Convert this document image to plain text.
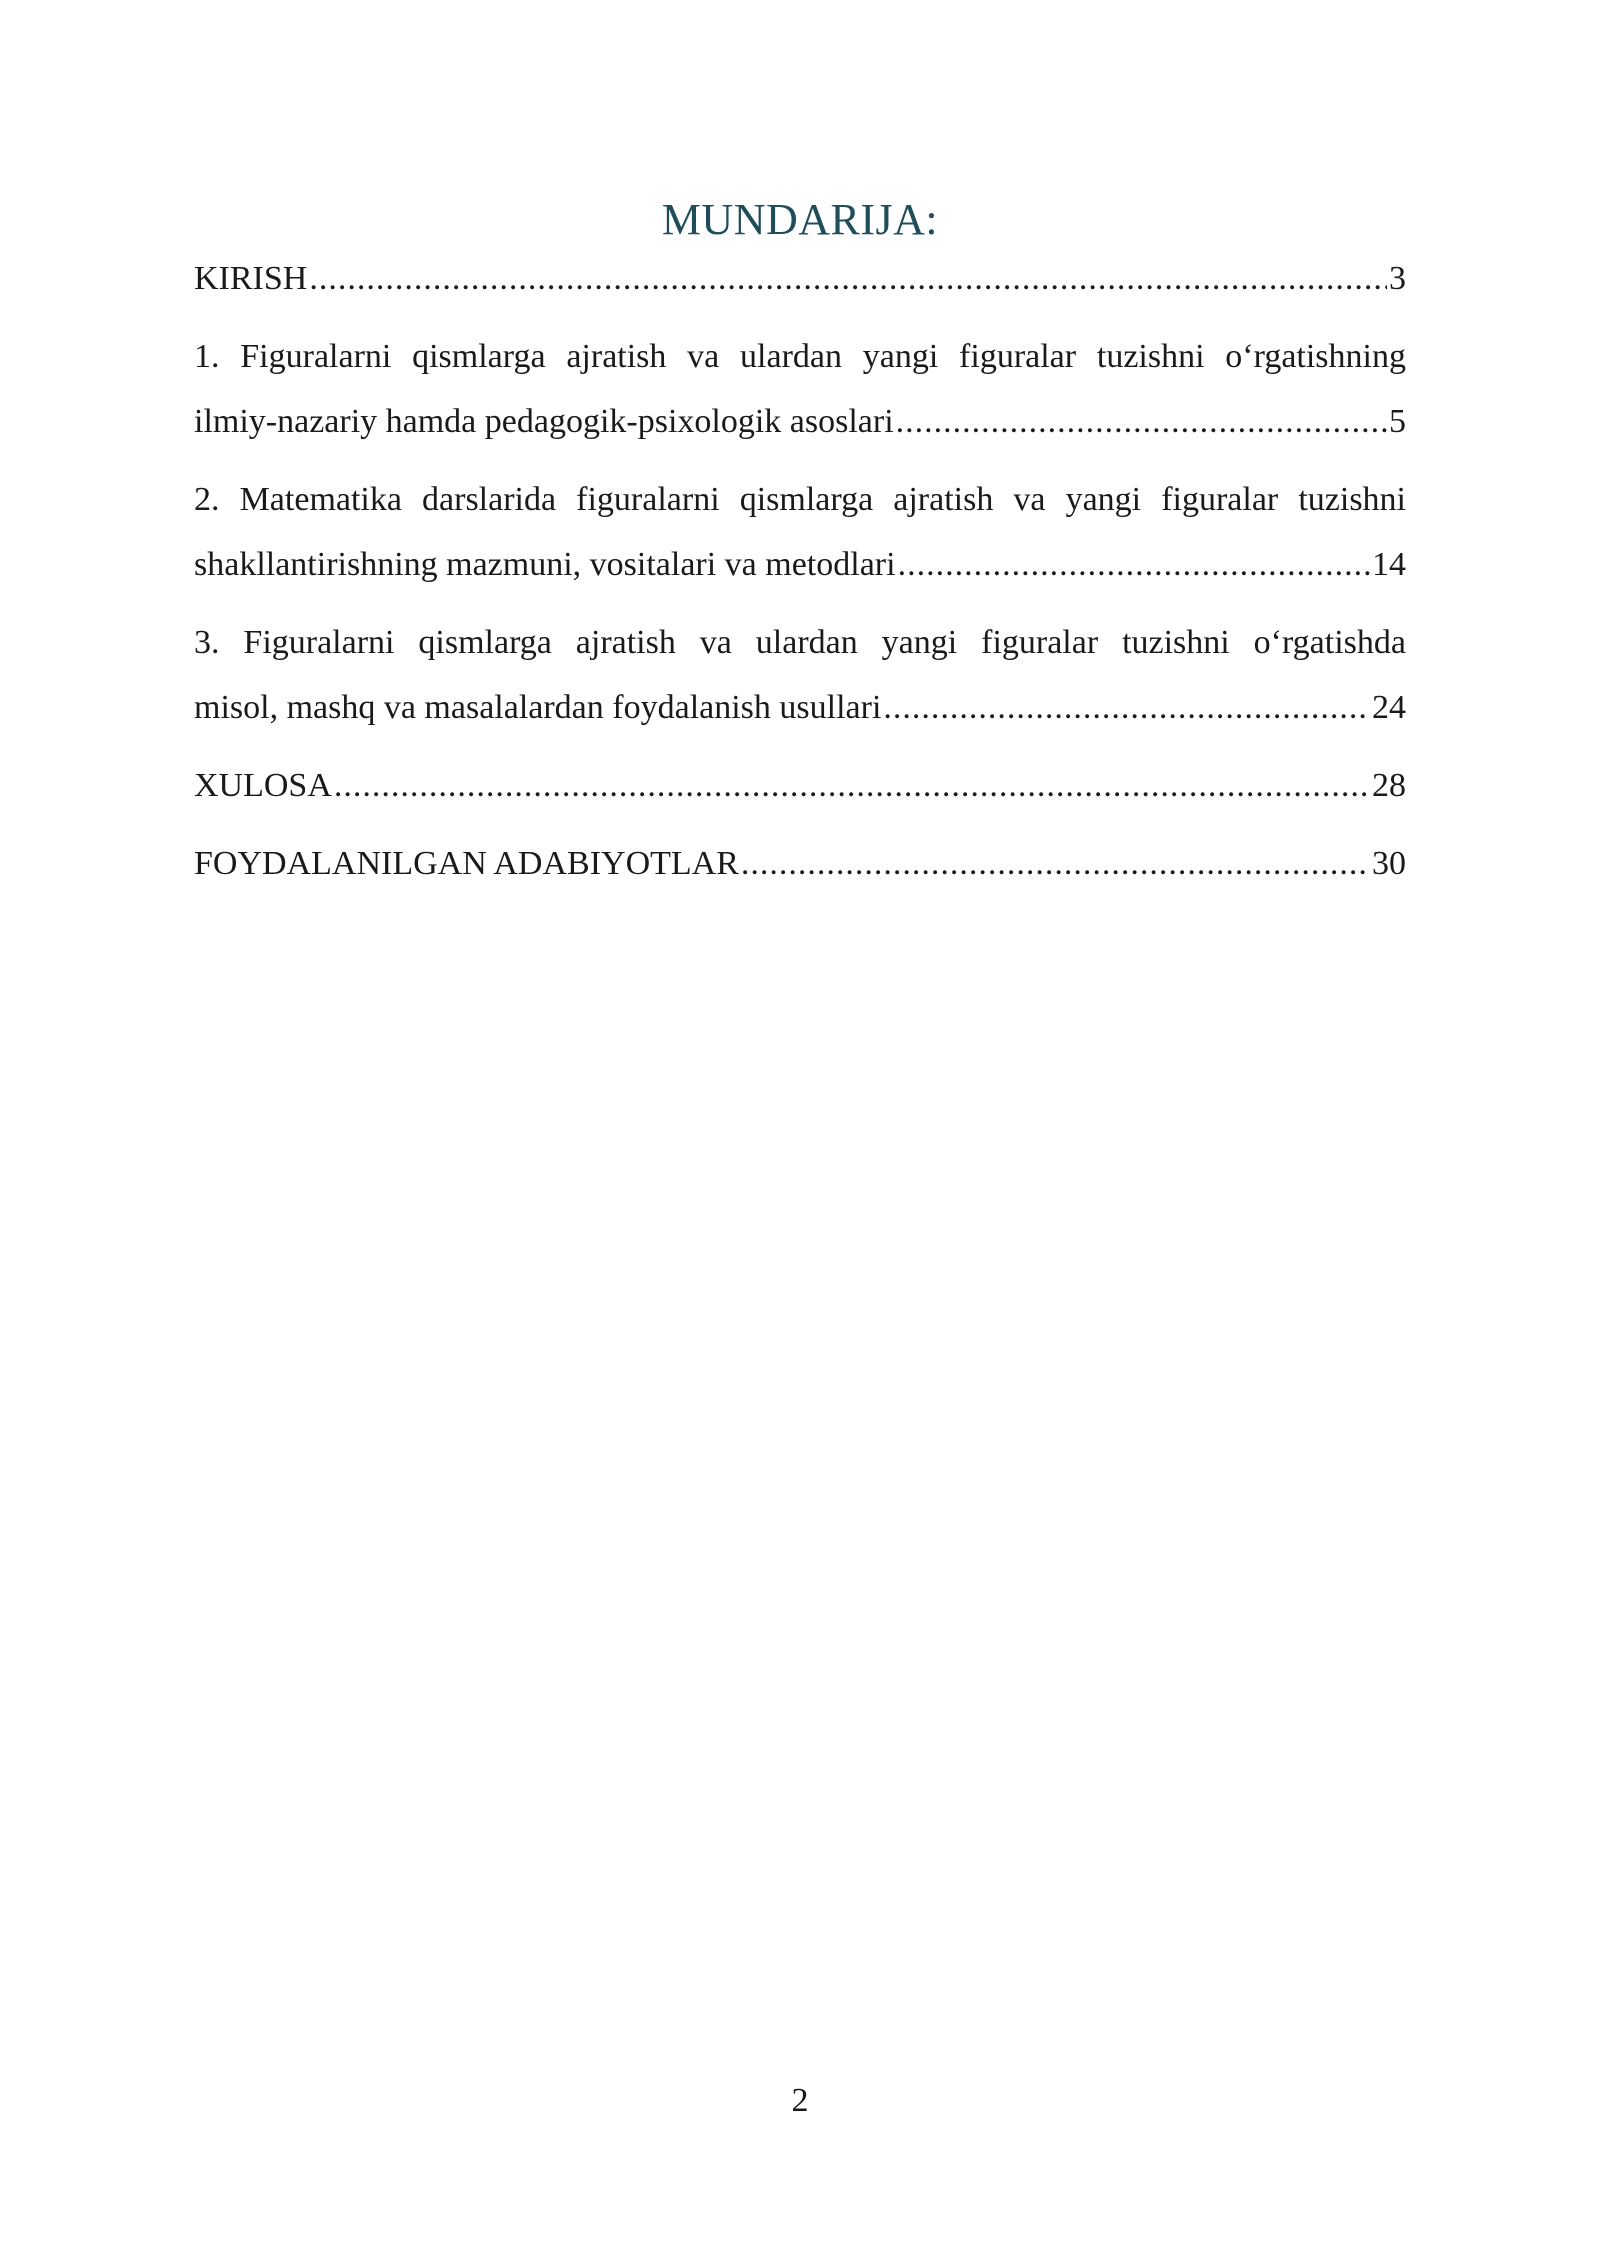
MUNDARIJA:
KIRISH .....	3
1. Figuralarni qismlarga ajratish va ulardan yangi figuralar tuzishni o‘rgatishning
ilmiy-nazariy hamda pedagogik-psixologik asoslari .....	5
2. Matematika darslarida figuralarni qismlarga ajratish va yangi figuralar tuzishni
shakllantirishning mazmuni, vositalari va metodlari .....	14
3. Figuralarni qismlarga ajratish va ulardan yangi figuralar tuzishni o‘rgatishda
misol, mashq va masalalardan foydalanish usullari .....	24
XULOSA .....	28
FOYDALANILGAN ADABIYOTLAR .....	30
2
